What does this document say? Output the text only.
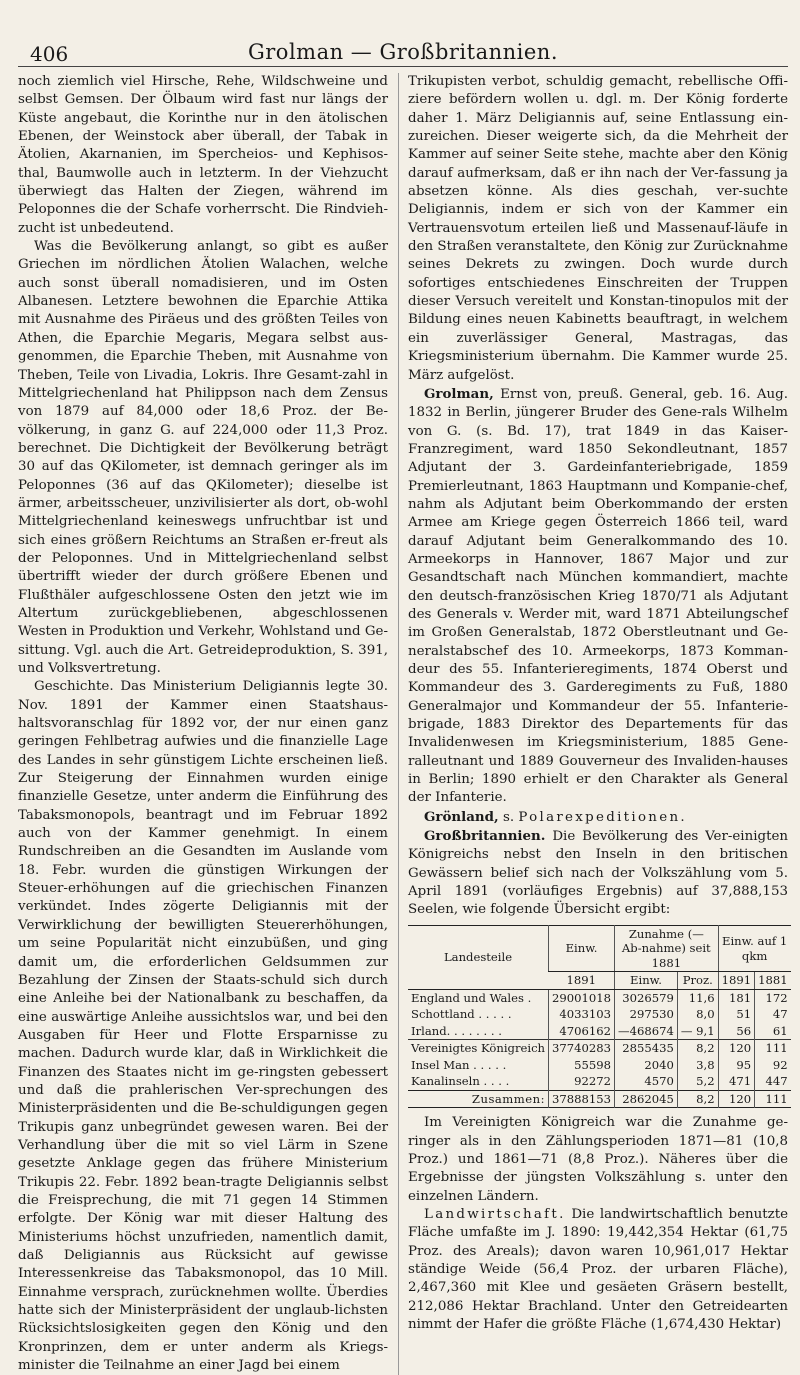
406	Grolman — Großbritannien.

noch ziemlich viel Hirsche, Rehe, Wildschweine und selbst Gemsen. Der Ölbaum wird fast nur längs der Küste angebaut, die Korinthe nur in den ätolischen Ebenen, der Weinstock aber überall, der Tabak in Ätolien, Akarnanien, im Spercheios- und Kephisos-thal, Baumwolle auch in letzterm. In der Viehzucht überwiegt das Halten der Ziegen, während im Peloponnes die der Schafe vorherrscht. Die Rindvieh-zucht ist unbedeutend.

Was die Bevölkerung anlangt, so gibt es außer Griechen im nördlichen Ätolien Walachen, welche auch sonst überall nomadisieren, und im Osten Albanesen. Letztere bewohnen die Eparchie Attika mit Ausnahme des Piräeus und des größten Teiles von Athen, die Eparchie Megaris, Megara selbst aus-genommen, die Eparchie Theben, mit Ausnahme von Theben, Teile von Livadia, Lokris. Ihre Gesamt-zahl in Mittelgriechenland hat Philippson nach dem Zensus von 1879 auf 84,000 oder 18,6 Proz. der Be-völkerung, in ganz G. auf 224,000 oder 11,3 Proz. berechnet. Die Dichtigkeit der Bevölkerung beträgt 30 auf das QKilometer, ist demnach geringer als im Peloponnes (36 auf das QKilometer); dieselbe ist ärmer, arbeitsscheuer, unzivilisierter als dort, ob-wohl Mittelgriechenland keineswegs unfruchtbar ist und sich eines größern Reichtums an Straßen er-freut als der Peloponnes. Und in Mittelgriechenland selbst übertrifft wieder der durch größere Ebenen und Flußthäler aufgeschlossene Osten den jetzt wie im Altertum zurückgebliebenen, abgeschlossenen Westen in Produktion und Verkehr, Wohlstand und Ge-sittung. Vgl. auch die Art. Getreideproduktion, S. 391, und Volksvertretung.

Geschichte. Das Ministerium Deligiannis legte 30. Nov. 1891 der Kammer einen Staatshaus-haltsvoranschlag für 1892 vor, der nur einen ganz geringen Fehlbetrag aufwies und die finanzielle Lage des Landes in sehr günstigem Lichte erscheinen ließ. Zur Steigerung der Einnahmen wurden einige finanzielle Gesetze, unter anderm die Einführung des Tabaksmonopols, beantragt und im Februar 1892 auch von der Kammer genehmigt. In einem Rundschreiben an die Gesandten im Auslande vom 18. Febr. wurden die günstigen Wirkungen der Steuer-erhöhungen auf die griechischen Finanzen verkündet. Indes zögerte Deligiannis mit der Verwirklichung der bewilligten Steuererhöhungen, um seine Popularität nicht einzubüßen, und ging damit um, die erforderlichen Geldsummen zur Bezahlung der Zinsen der Staats-schuld sich durch eine Anleihe bei der Nationalbank zu beschaffen, da eine auswärtige Anleihe aussichtslos war, und bei den Ausgaben für Heer und Flotte Ersparnisse zu machen. Dadurch wurde klar, daß in Wirklichkeit die Finanzen des Staates nicht im ge-ringsten gebessert und daß die prahlerischen Ver-sprechungen des Ministerpräsidenten und die Be-schuldigungen gegen Trikupis ganz unbegründet gewesen waren. Bei der Verhandlung über die mit so viel Lärm in Szene gesetzte Anklage gegen das frühere Ministerium Trikupis 22. Febr. 1892 bean-tragte Deligiannis selbst die Freisprechung, die mit 71 gegen 14 Stimmen erfolgte. Der König war mit dieser Haltung des Ministeriums höchst unzufrieden, namentlich damit, daß Deligiannis aus Rücksicht auf gewisse Interessenkreise das Tabaksmonopol, das 10 Mill. Einnahme versprach, zurücknehmen wollte. Überdies hatte sich der Ministerpräsident der unglaub-lichsten Rücksichtslosigkeiten gegen den König und den Kronprinzen, dem er unter anderm als Kriegs-minister die Teilnahme an einer Jagd bei einem

Trikupisten verbot, schuldig gemacht, rebellische Offi-ziere befördern wollen u. dgl. m. Der König forderte daher 1. März Deligiannis auf, seine Entlassung ein-zureichen. Dieser weigerte sich, da die Mehrheit der Kammer auf seiner Seite stehe, machte aber den König darauf aufmerksam, daß er ihn nach der Ver-fassung ja absetzen könne. Als dies geschah, ver-suchte Deligiannis, indem er sich von der Kammer ein Vertrauensvotum erteilen ließ und Massenauf-läufe in den Straßen veranstaltete, den König zur Zurücknahme seines Dekrets zu zwingen. Doch wurde durch sofortiges entschiedenes Einschreiten der Truppen dieser Versuch vereitelt und Konstan-tinopulos mit der Bildung eines neuen Kabinetts beauftragt, in welchem ein zuverlässiger General, Mastragas, das Kriegsministerium übernahm. Die Kammer wurde 25. März aufgelöst.

Grolman, Ernst von, preuß. General, geb. 16. Aug. 1832 in Berlin, jüngerer Bruder des Gene-rals Wilhelm von G. (s. Bd. 17), trat 1849 in das Kaiser-Franzregiment, ward 1850 Sekondleutnant, 1857 Adjutant der 3. Gardeinfanteriebrigade, 1859 Premierleutnant, 1863 Hauptmann und Kompanie-chef, nahm als Adjutant beim Oberkommando der ersten Armee am Kriege gegen Österreich 1866 teil, ward darauf Adjutant beim Generalkommando des 10. Armeekorps in Hannover, 1867 Major und zur Gesandtschaft nach München kommandiert, machte den deutsch-französischen Krieg 1870/71 als Adjutant des Generals v. Werder mit, ward 1871 Abteilungschef im Großen Generalstab, 1872 Oberstleutnant und Ge-neralstabschef des 10. Armeekorps, 1873 Komman-deur des 55. Infanterieregiments, 1874 Oberst und Kommandeur des 3. Garderegiments zu Fuß, 1880 Generalmajor und Kommandeur der 55. Infanterie-brigade, 1883 Direktor des Departements für das Invalidenwesen im Kriegsministerium, 1885 Gene-ralleutnant und 1889 Gouverneur des Invaliden-hauses in Berlin; 1890 erhielt er den Charakter als General der Infanterie.

Grönland, s. Polarexpeditionen.

Großbritannien. Die Bevölkerung des Ver-einigten Königreichs nebst den Inseln in den britischen Gewässern belief sich nach der Volkszählung vom 5. April 1891 (vorläufiges Ergebnis) auf 37,888,153 Seelen, wie folgende Übersicht ergibt:

Landesteile	Einw.	Zunahme (— Ab-nahme) seit 1881		Einw. auf 1 qkm	
	1891	Einw.	Proz.	1891	1881
England und Wales .	29001018	3026579	11,6	181	172
Schottland . . . . .	4033103	297530	8,0	51	47
Irland. . . . . . . .	4706162	—468674	— 9,1	56	61
Vereinigtes Königreich	37740283	2855435	8,2	120	111
Insel Man . . . . .	55598	2040	3,8	95	92
Kanalinseln . . . .	92272	4570	5,2	471	447
Zusammen:	37888153	2862045	8,2	120	111

Im Vereinigten Königreich war die Zunahme ge-ringer als in den Zählungsperioden 1871—81 (10,8 Proz.) und 1861—71 (8,8 Proz.). Näheres über die Ergebnisse der jüngsten Volkszählung s. unter den einzelnen Ländern.

Landwirtschaft. Die landwirtschaftlich benutzte Fläche umfaßte im J. 1890: 19,442,354 Hektar (61,75 Proz. des Areals); davon waren 10,961,017 Hektar ständige Weide (56,4 Proz. der urbaren Fläche), 2,467,360 mit Klee und gesäeten Gräsern bestellt, 212,086 Hektar Brachland. Unter den Getreidearten nimmt der Hafer die größte Fläche (1,674,430 Hektar)
